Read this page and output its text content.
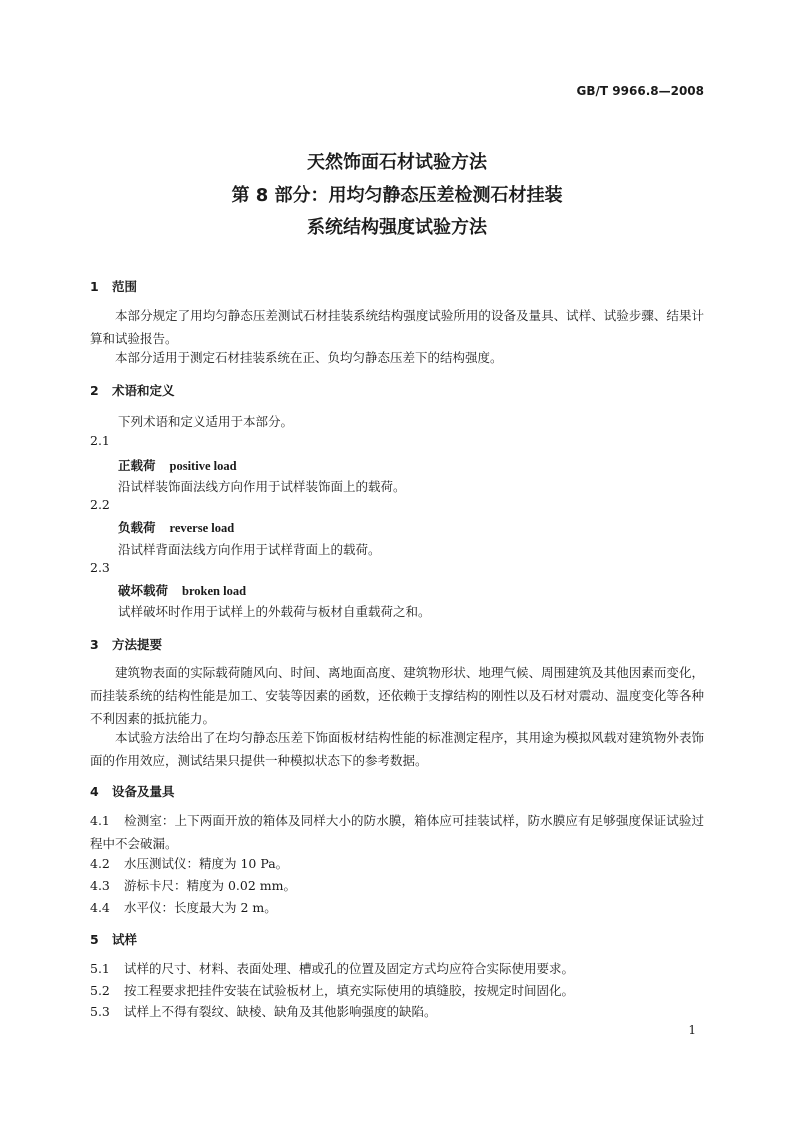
GB/T 9966.8—2008
天然饰面石材试验方法
第 8 部分：用均匀静态压差检测石材挂装
系统结构强度试验方法
1 范围
本部分规定了用均匀静态压差测试石材挂装系统结构强度试验所用的设备及量具、试样、试验步骤、结果计算和试验报告。
本部分适用于测定石材挂装系统在正、负均匀静态压差下的结构强度。
2 术语和定义
下列术语和定义适用于本部分。
2.1
正载荷 positive load
沿试样装饰面法线方向作用于试样装饰面上的载荷。
2.2
负载荷 reverse load
沿试样背面法线方向作用于试样背面上的载荷。
2.3
破坏载荷 broken load
试样破坏时作用于试样上的外载荷与板材自重载荷之和。
3 方法提要
建筑物表面的实际载荷随风向、时间、离地面高度、建筑物形状、地理气候、周围建筑及其他因素而变化，而挂装系统的结构性能是加工、安装等因素的函数，还依赖于支撑结构的刚性以及石材对震动、温度变化等各种不利因素的抵抗能力。
本试验方法给出了在均匀静态压差下饰面板材结构性能的标准测定程序，其用途为模拟风载对建筑物外表饰面的作用效应，测试结果只提供一种模拟状态下的参考数据。
4 设备及量具
4.1 检测室：上下两面开放的箱体及同样大小的防水膜，箱体应可挂装试样，防水膜应有足够强度保证试验过程中不会破漏。
4.2 水压测试仪：精度为 10 Pa。
4.3 游标卡尺：精度为 0.02 mm。
4.4 水平仪：长度最大为 2 m。
5 试样
5.1 试样的尺寸、材料、表面处理、槽或孔的位置及固定方式均应符合实际使用要求。
5.2 按工程要求把挂件安装在试验板材上，填充实际使用的填缝胶，按规定时间固化。
5.3 试样上不得有裂纹、缺棱、缺角及其他影响强度的缺陷。
1
